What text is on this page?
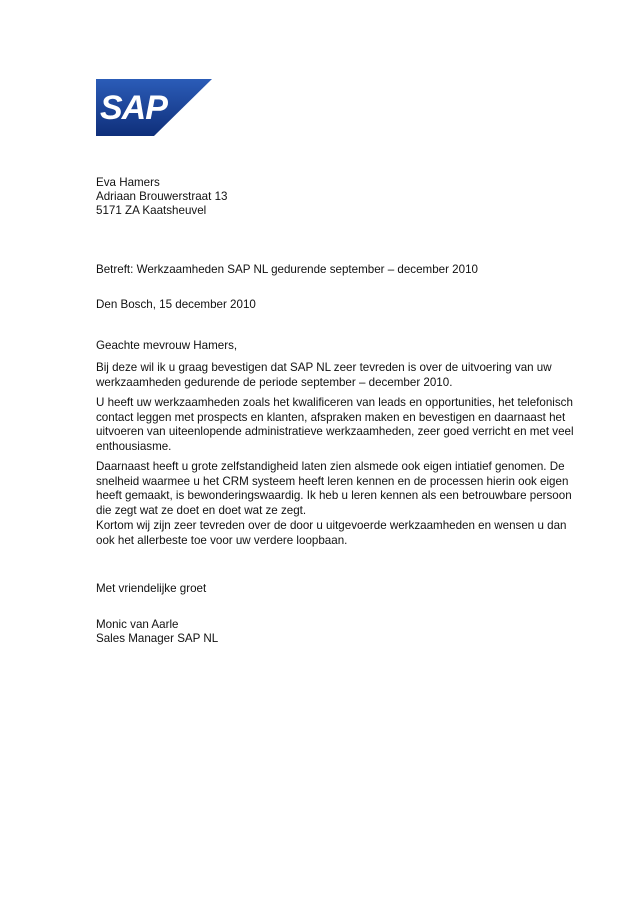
SAP
®
Eva Hamers
Adriaan Brouwerstraat 13
5171 ZA Kaatsheuvel
Betreft: Werkzaamheden SAP NL gedurende september – december 2010
Den Bosch, 15 december 2010
Geachte mevrouw Hamers,
Bij deze wil ik u graag bevestigen dat SAP NL zeer tevreden is over de uitvoering van uw
werkzaamheden gedurende de periode september – december 2010.
U heeft uw werkzaamheden zoals het kwalificeren van leads en opportunities, het telefonisch
contact leggen met prospects en klanten, afspraken maken en bevestigen en daarnaast het
uitvoeren van uiteenlopende administratieve werkzaamheden, zeer goed verricht en met veel
enthousiasme.
Daarnaast heeft u grote zelfstandigheid laten zien alsmede ook eigen intiatief genomen. De
snelheid waarmee u het CRM systeem heeft leren kennen en de processen hierin ook eigen
heeft gemaakt, is bewonderingswaardig. Ik heb u leren kennen als een betrouwbare persoon
die zegt wat ze doet en doet wat ze zegt.
Kortom wij zijn zeer tevreden over de door u uitgevoerde werkzaamheden en wensen u dan
ook het allerbeste toe voor uw verdere loopbaan.
Met vriendelijke groet
Monic van Aarle
Sales Manager SAP NL
